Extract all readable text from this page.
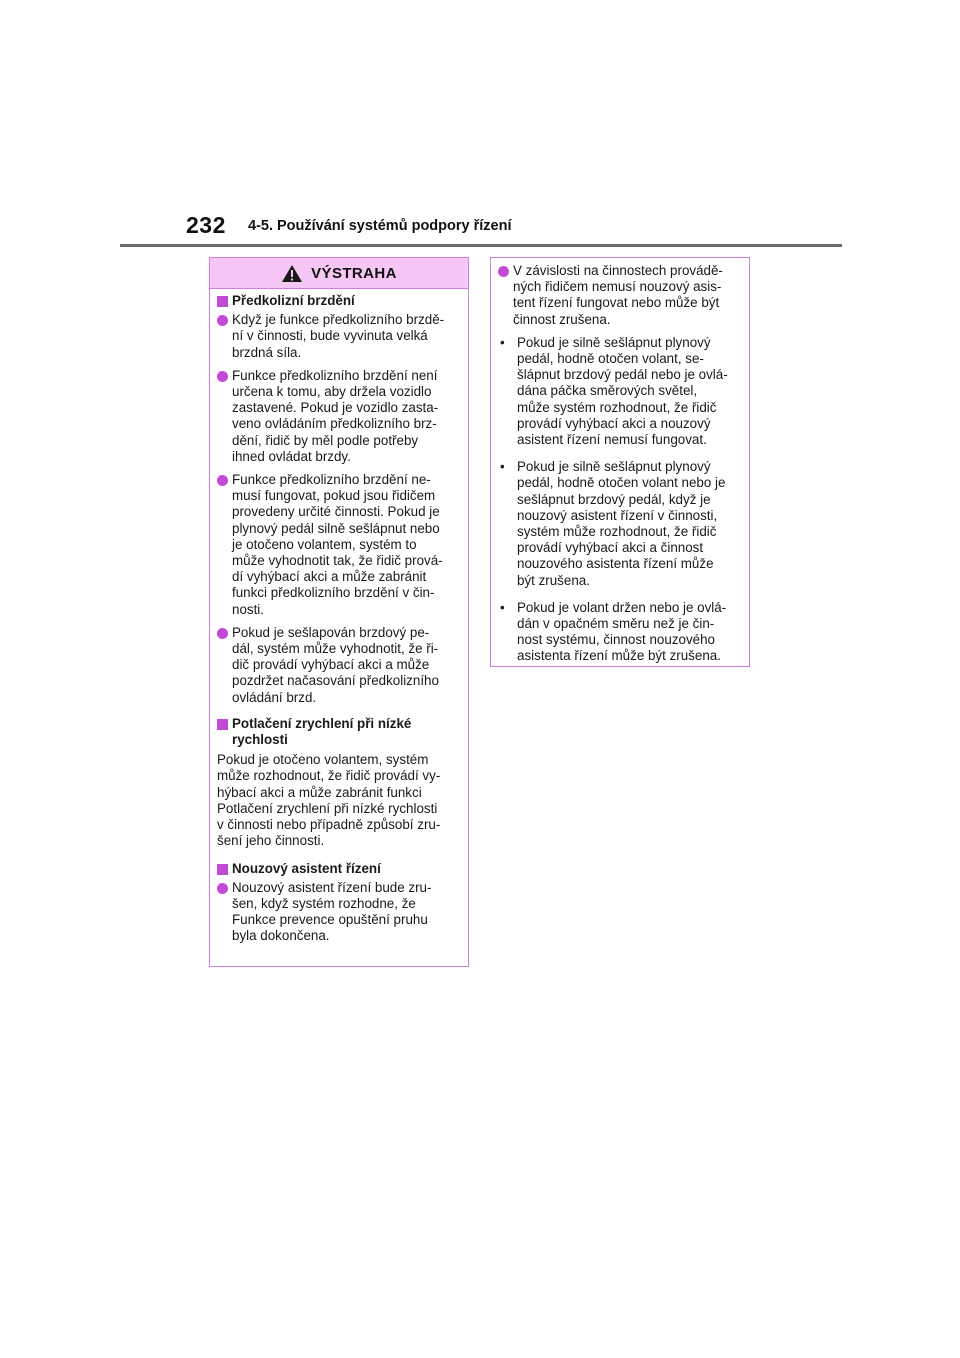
232 4-5. Používání systémů podpory řízení
VÝSTRAHA
Předkolizní brzdění
Když je funkce předkolizního brzdě-
ní v činnosti, bude vyvinuta velká
brzdná síla.
Funkce předkolizního brzdění není
určena k tomu, aby držela vozidlo
zastavené. Pokud je vozidlo zasta-
veno ovládáním předkolizního brz-
dění, řidič by měl podle potřeby
ihned ovládat brzdy.
Funkce předkolizního brzdění ne-
musí fungovat, pokud jsou řidičem
provedeny určité činnosti. Pokud je
plynový pedál silně sešlápnut nebo
je otočeno volantem, systém to
může vyhodnotit tak, že řidič prová-
dí vyhýbací akci a může zabránit
funkci předkolizního brzdění v čin-
nosti.
Pokud je sešlapován brzdový pe-
dál, systém může vyhodnotit, že ři-
dič provádí vyhýbací akci a může
pozdržet načasování předkolizního
ovládání brzd.
Potlačení zrychlení při nízké
rychlosti
Pokud je otočeno volantem, systém
může rozhodnout, že řidič provádí vy-
hýbací akci a může zabránit funkci
Potlačení zrychlení při nízké rychlosti
v činnosti nebo případně způsobí zru-
šení jeho činnosti.
Nouzový asistent řízení
Nouzový asistent řízení bude zru-
šen, když systém rozhodne, že
Funkce prevence opuštění pruhu
byla dokončena.
V závislosti na činnostech provádě-
ných řidičem nemusí nouzový asis-
tent řízení fungovat nebo může být
činnost zrušena.
• Pokud je silně sešlápnut plynový
pedál, hodně otočen volant, se-
šlápnut brzdový pedál nebo je ovlá-
dána páčka směrových světel,
může systém rozhodnout, že řidič
provádí vyhýbací akci a nouzový
asistent řízení nemusí fungovat.
• Pokud je silně sešlápnut plynový
pedál, hodně otočen volant nebo je
sešlápnut brzdový pedál, když je
nouzový asistent řízení v činnosti,
systém může rozhodnout, že řidič
provádí vyhýbací akci a činnost
nouzového asistenta řízení může
být zrušena.
• Pokud je volant držen nebo je ovlá-
dán v opačném směru než je čin-
nost systému, činnost nouzového
asistenta řízení může být zrušena.
